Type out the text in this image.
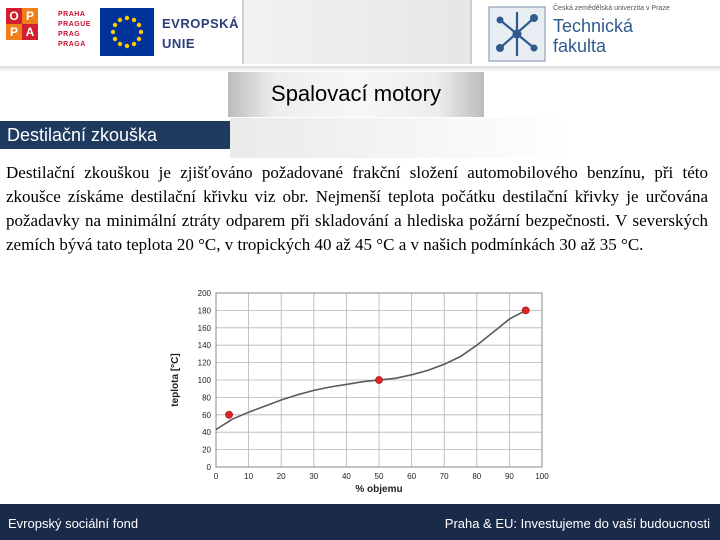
O P
P A
PRAHA
PRAGUE
PRAG
PRAGA
EVROPSKÁ
UNIE
Česká zemědělská univerzita v Praze
Technická
fakulta
Spalovací motory
Destilační zkouška
Destilační zkouškou je zjišťováno požadované frakční složení automobilového benzínu, při této zkoušce získáme destilační křivku viz obr. Nejmenší teplota počátku destilační křivky je určována požadavky na minimální ztráty odparem při skladování a hlediska požární bezpečnosti. V severských zemích bývá tato teplota 20 °C, v tropických 40 až 45 °C a v našich podmínkách 30 až 35 °C.
0
20
40
60
80
100
120
140
160
180
200
0	10	20	30	40	50	60	70	80	90	100
% objemu
teplota [°C]
Evropský sociální fond	Praha & EU: Investujeme do vaší budoucnosti
